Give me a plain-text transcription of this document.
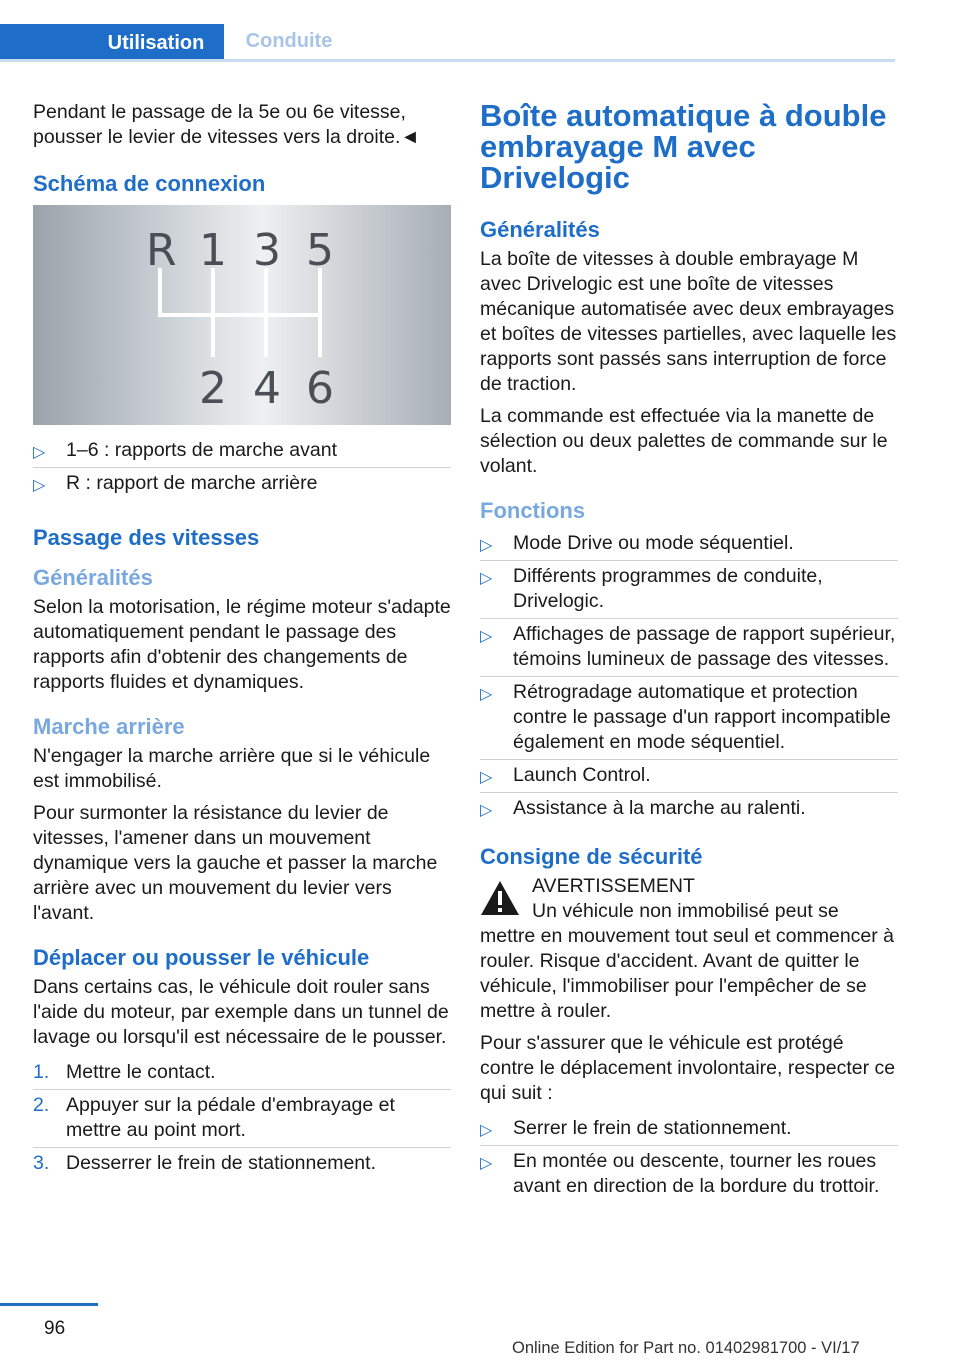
Utilisation	Conduite

Pendant le passage de la 5e ou 6e vitesse, pousser le levier de vitesses vers la droite.◄

Schéma de connexion
R 1 3 5
2 4 6
▷ 1–6 : rapports de marche avant
▷ R : rapport de marche arrière
Passage des vitesses
Généralités

Selon la motorisation, le régime moteur s'adapte automatiquement pendant le passage des rapports afin d'obtenir des changements de rapports fluides et dynamiques.

Marche arrière

N'engager la marche arrière que si le véhicule est immobilisé.

Pour surmonter la résistance du levier de vitesses, l'amener dans un mouvement dynamique vers la gauche et passer la marche arrière avec un mouvement du levier vers l'avant.

Déplacer ou pousser le véhicule

Dans certains cas, le véhicule doit rouler sans l'aide du moteur, par exemple dans un tunnel de lavage ou lorsqu'il est nécessaire de le pousser.

1. Mettre le contact.
2. Appuyer sur la pédale d'embrayage et mettre au point mort.
3. Desserrer le frein de stationnement.
Boîte automatique à double embrayage M avec Drivelogic
Généralités

La boîte de vitesses à double embrayage M avec Drivelogic est une boîte de vitesses mécanique automatisée avec deux embrayages et boîtes de vitesses partielles, avec laquelle les rapports sont passés sans interruption de force de traction.

La commande est effectuée via la manette de sélection ou deux palettes de commande sur le volant.

Fonctions
▷ Mode Drive ou mode séquentiel.
▷ Différents programmes de conduite, Drivelogic.
▷ Affichages de passage de rapport supérieur, témoins lumineux de passage des vitesses.
▷ Rétrogradage automatique et protection contre le passage d'un rapport incompatible également en mode séquentiel.
▷ Launch Control.
▷ Assistance à la marche au ralenti.
Consigne de sécurité

AVERTISSEMENT

Un véhicule non immobilisé peut se mettre en mouvement tout seul et commencer à rouler. Risque d'accident. Avant de quitter le véhicule, l'immobiliser pour l'empêcher de se mettre à rouler.

Pour s'assurer que le véhicule est protégé contre le déplacement involontaire, respecter ce qui suit :

▷ Serrer le frein de stationnement.
▷ En montée ou descente, tourner les roues avant en direction de la bordure du trottoir.
96
Online Edition for Part no. 01402981700 - VI/17
